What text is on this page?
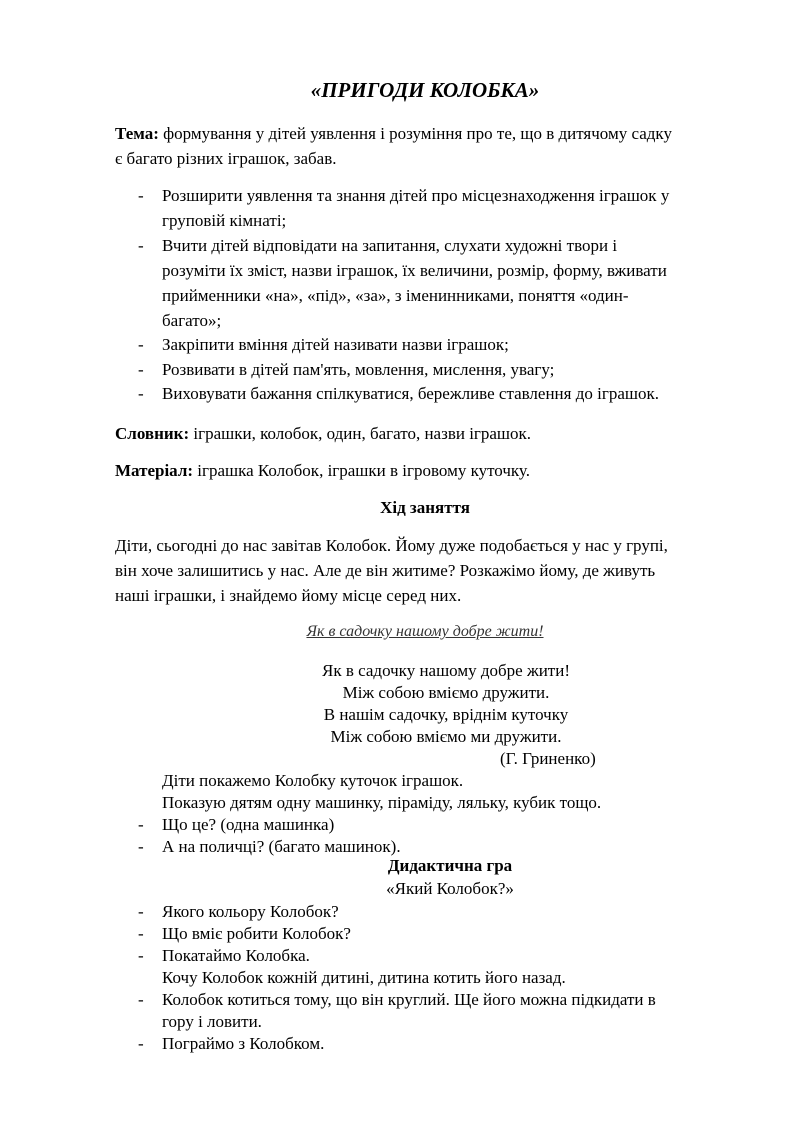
«ПРИГОДИ КОЛОБКА»
Тема: формування у дітей уявлення і розуміння про те, що в дитячому садку
є багато різних іграшок, забав.
- Розширити уявлення та знання дітей про місцезнаходження іграшок у
груповій кімнаті;
- Вчити дітей відповідати на запитання, слухати художні твори і
розуміти їх зміст, назви іграшок, їх величини, розмір, форму, вживати
прийменники «на», «під», «за», з іменинниками, поняття «один-
багато»;
- Закріпити вміння дітей називати назви іграшок;
- Розвивати в дітей пам'ять, мовлення, мислення, увагу;
- Виховувати бажання спілкуватися, бережливе ставлення до іграшок.
Словник: іграшки, колобок, один, багато, назви іграшок.
Матеріал: іграшка Колобок, іграшки в ігровому куточку.
Хід заняття
Діти, сьогодні до нас завітав Колобок. Йому дуже подобається у нас у групі,
він хоче залишитись у нас. Але де він житиме? Розкажімо йому, де живуть
наші іграшки, і знайдемо йому місце серед них.
Як в садочку нашому добре жити!
Як в садочку нашому добре жити!
Між собою вміємо дружити.
В нашім садочку, вріднім куточку
Між собою вміємо ми дружити.
(Г. Гриненко)
Діти покажемо Колобку куточок іграшок.
Показую дятям одну машинку, піраміду, ляльку, кубик тощо.
- Що це? (одна машинка)
- А на поличці? (багато машинок).
Дидактична гра
«Який Колобок?»
- Якого кольору Колобок?
- Що вміє робити Колобок?
- Покатаймо Колобка.
Кочу Колобок кожній дитині, дитина котить його назад.
- Колобок котиться тому, що він круглий. Ще його можна підкидати в
гору і ловити.
- Пограймо з Колобком.
